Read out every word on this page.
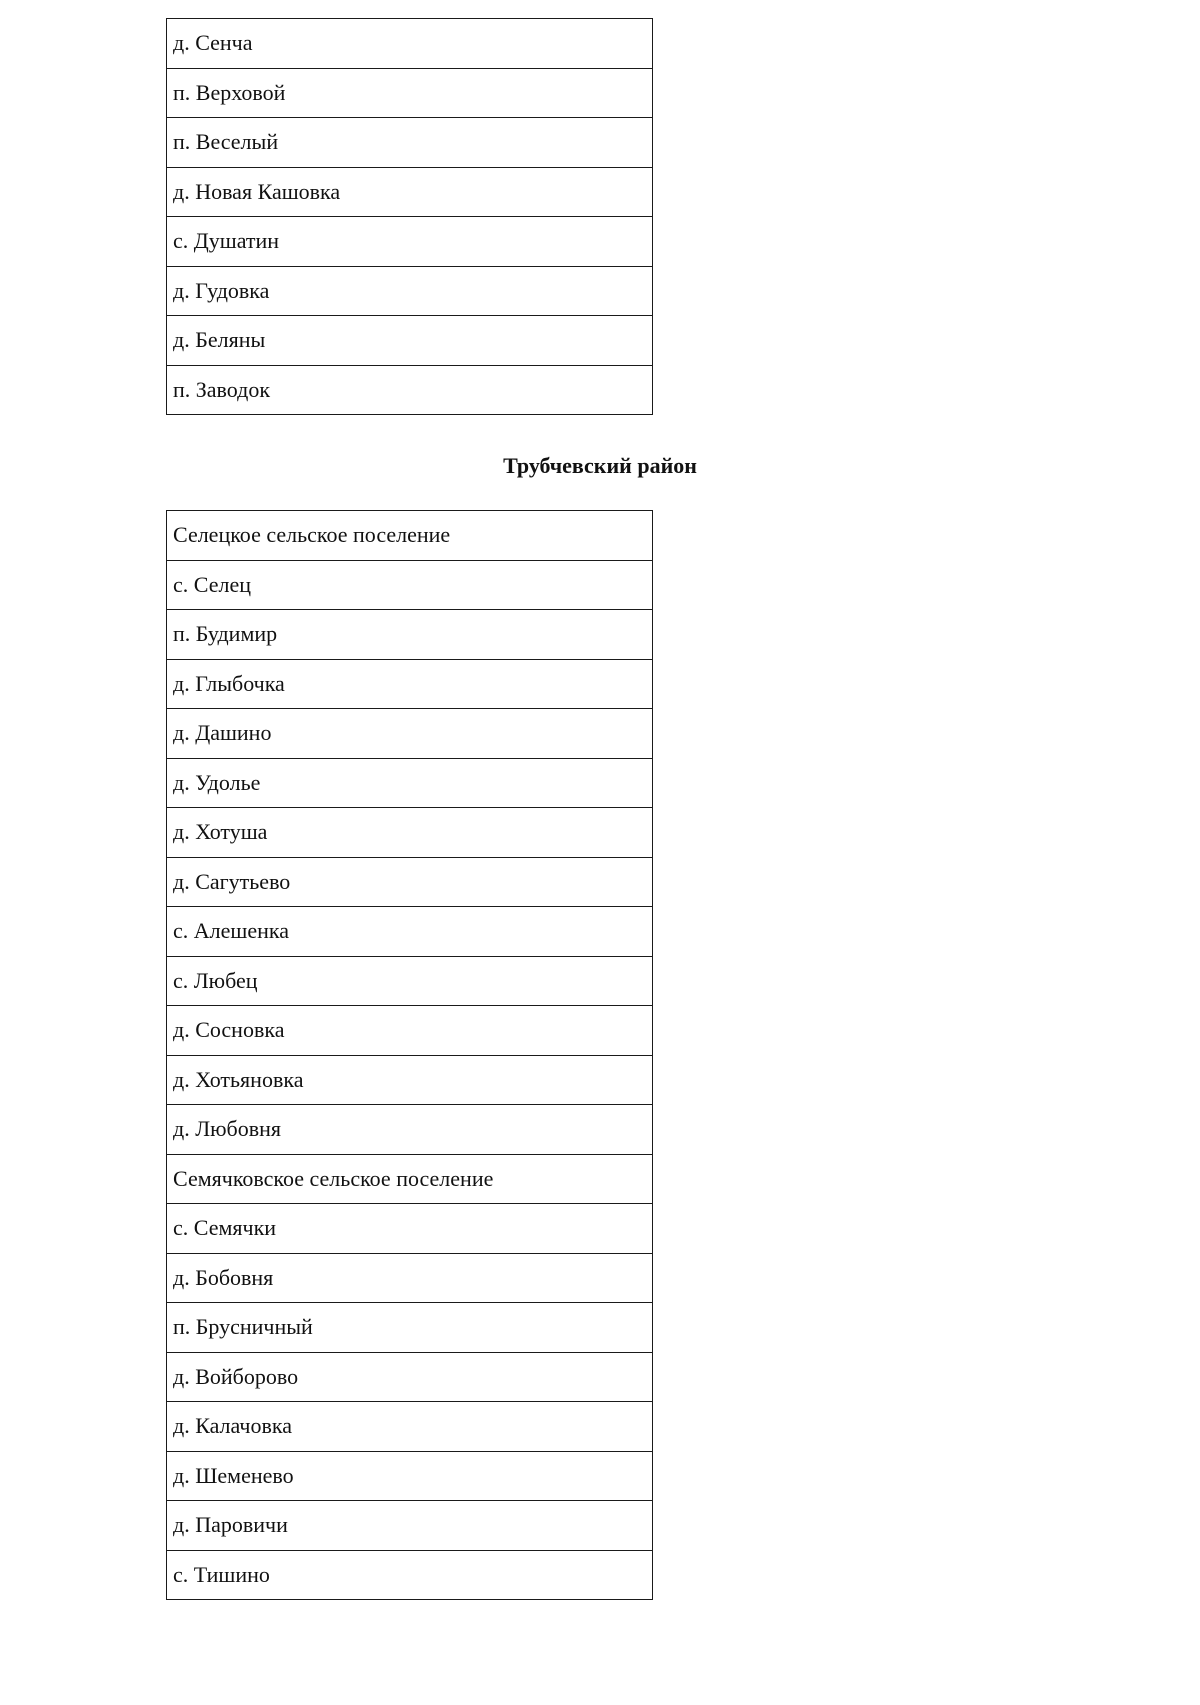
д. Сенча
п. Верховой
п. Веселый
д. Новая Кашовка
с. Душатин
д. Гудовка
д. Беляны
п. Заводок
Трубчевский район
Селецкое сельское поселение
с. Селец
п. Будимир
д. Глыбочка
д. Дашино
д. Удолье
д. Хотуша
д. Сагутьево
с. Алешенка
с. Любец
д. Сосновка
д. Хотьяновка
д. Любовня
Семячковское сельское поселение
с. Семячки
д. Бобовня
п. Брусничный
д. Войборово
д. Калачовка
д. Шеменево
д. Паровичи
с. Тишино
